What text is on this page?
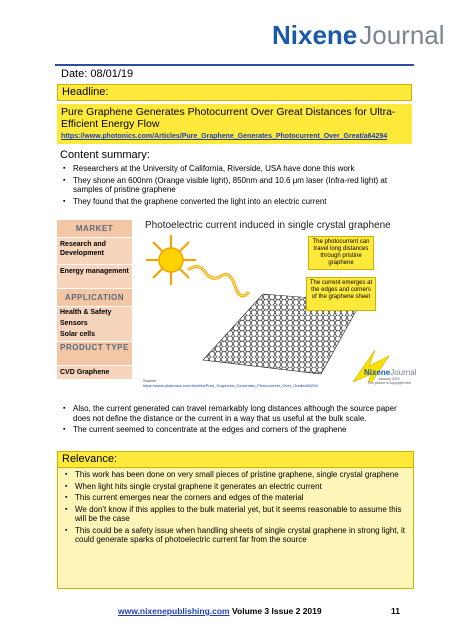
NixeneJournal
Date: 08/01/19
Headline:
Pure Graphene Generates Photocurrent Over Great Distances for Ultra-Efficient Energy Flow
https://www.photonics.com/Articles/Pure_Graphene_Generates_Photocurrent_Over_Great/a64294
Content summary:
▪ Researchers at the University of California, Riverside, USA have done this work
▪ They shone an 600nm (Orange visible light), 850nm and 10.6 μm laser (Infra-red light) at samples of pristine graphene
▪ They found that the graphene converted the light into an electric current
MARKET
Research and Development
Energy management
APPLICATION
Health & Safety
Sensors
Solar cells
PRODUCT TYPE
CVD Graphene
Photoelectric current induced in single crystal graphene
The photocurrent can travel long distances through pristine graphene
The current emerges at the edges and corners of the graphene sheet
Source:
https://www.photonics.com/Articles/Pure_Graphene_Generates_Photocurrent_Over_Great/a64294
NixeneJournal
January 2019
This picture is copyright free
▪ Also, the current generated can travel remarkably long distances although the source paper does not define the distance or the current in a way that us useful at the bulk scale.
▪ The current seemed to concentrate at the edges and corners of the graphene
Relevance:
▪ This work has been done on very small pieces of pristine graphene, single crystal graphene
▪ When light hits single crystal graphene it generates an electric current
▪ This current emerges near the corners and edges of the material
▪ We don't know if this applies to the bulk material yet, but it seems reasonable to assume this will be the case
▪ This could be a safety issue when handling sheets of single crystal graphene in strong light, it could generate sparks of photoelectric current far from the source
www.nixenepublishing.com Volume 3 Issue 2 2019	11
